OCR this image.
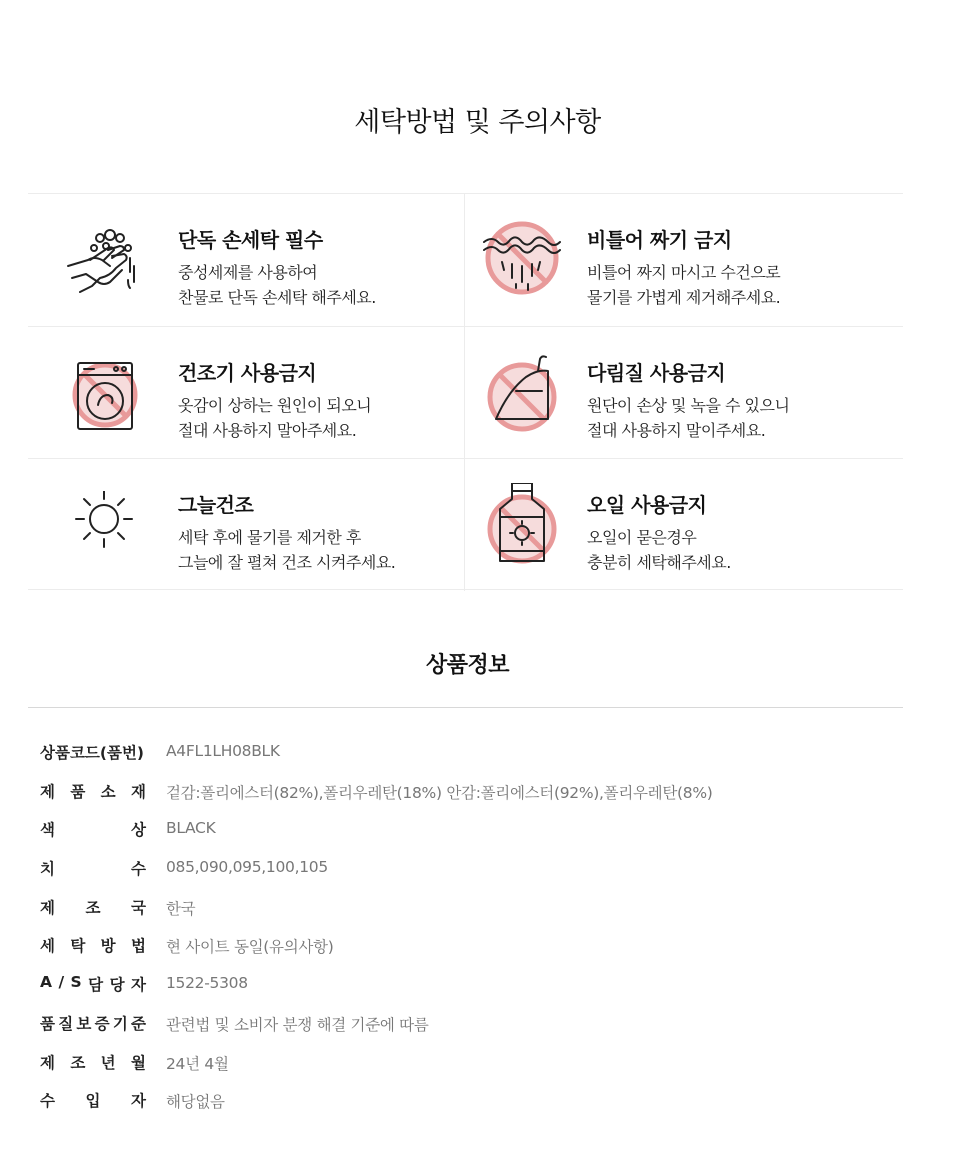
세탁방법 및 주의사항
단독 손세탁 필수
중성세제를 사용하여
찬물로 단독 손세탁 해주세요.
비틀어 짜기 금지
비틀어 짜지 마시고 수건으로
물기를 가볍게 제거해주세요.
건조기 사용금지
옷감이 상하는 원인이 되오니
절대 사용하지 말아주세요.
다림질 사용금지
원단이 손상 및 녹을 수 있으니
절대 사용하지 말이주세요.
그늘건조
세탁 후에 물기를 제거한 후
그늘에 잘 펼쳐 건조 시켜주세요.
오일 사용금지
오일이 묻은경우
충분히 세탁해주세요.
상품정보
상품코드(품번) A4FL1LH08BLK
제 품 소 재 겉감:폴리에스터(82%),폴리우레탄(18%) 안감:폴리에스터(92%),폴리우레탄(8%)
색	상 BLACK
치	수 085,090,095,100,105
제 조 국 한국
세 탁 방 법 현 사이트 동일(유의사항)
A / S 담 당 자 1522-5308
품 질 보 증 기 준 관련법 및 소비자 분쟁 해결 기준에 따름
제 조 년 월 24년 4월
수 입 자 해당없음
